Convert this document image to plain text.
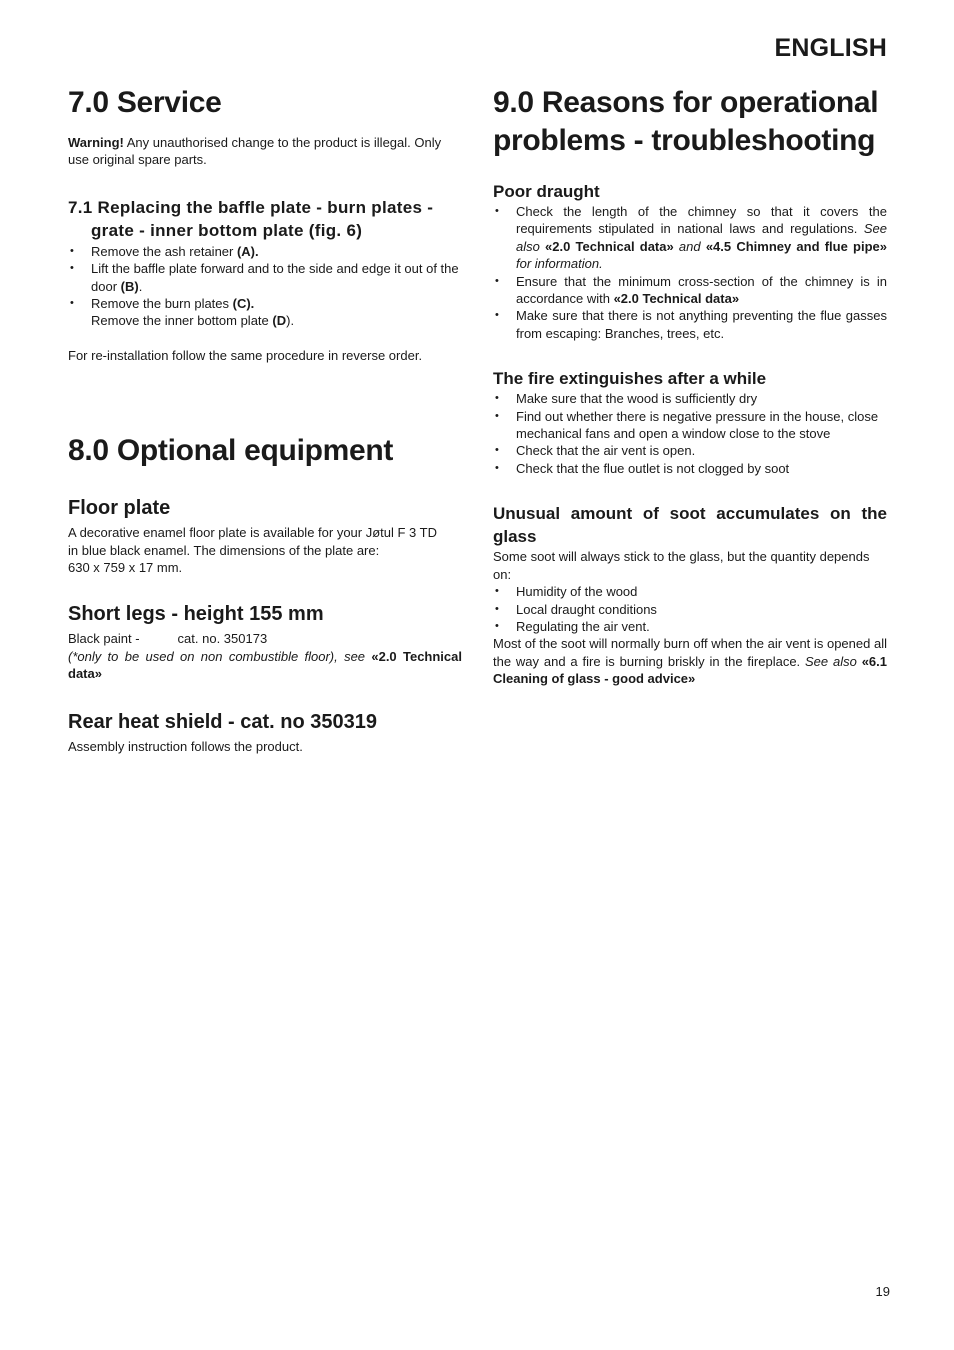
ENGLISH
7.0 Service

Warning! Any unauthorised change to the product is illegal. Only use original spare parts.

7.1 Replacing the baffle plate - burn plates - grate - inner bottom plate (fig. 6)
• Remove the ash retainer (A).
• Lift the baffle plate forward and to the side and edge it out of the door (B).
• Remove the burn plates (C).
Remove the inner bottom plate (D).

For re-installation follow the same procedure in reverse order.

8.0 Optional equipment
Floor plate

A decorative enamel floor plate is available for your Jøtul F 3 TD
in blue black enamel. The dimensions of the plate are:
630 x 759 x 17 mm.

Short legs - height 155 mm

Black paint -	cat. no. 350173

(*only to be used on non combustible floor), see «2.0 Technical data»

Rear heat shield - cat. no 350319

Assembly instruction follows the product.

9.0 Reasons for operational problems - troubleshooting
Poor draught
• Check the length of the chimney so that it covers the requirements stipulated in national laws and regulations. See also «2.0 Technical data» and «4.5 Chimney and flue pipe» for information.
• Ensure that the minimum cross-section of the chimney is in accordance with «2.0 Technical data»
• Make sure that there is not anything preventing the flue gasses from escaping: Branches, trees, etc.
The fire extinguishes after a while
• Make sure that the wood is sufficiently dry
• Find out whether there is negative pressure in the house, close mechanical fans and open a window close to the stove
• Check that the air vent is open.
• Check that the flue outlet is not clogged by soot
Unusual amount of soot accumulates on the glass

Some soot will always stick to the glass, but the quantity depends on:

• Humidity of the wood
• Local draught conditions
• Regulating the air vent.

Most of the soot will normally burn off when the air vent is opened all the way and a fire is burning briskly in the fireplace. See also «6.1 Cleaning of glass - good advice»

19
